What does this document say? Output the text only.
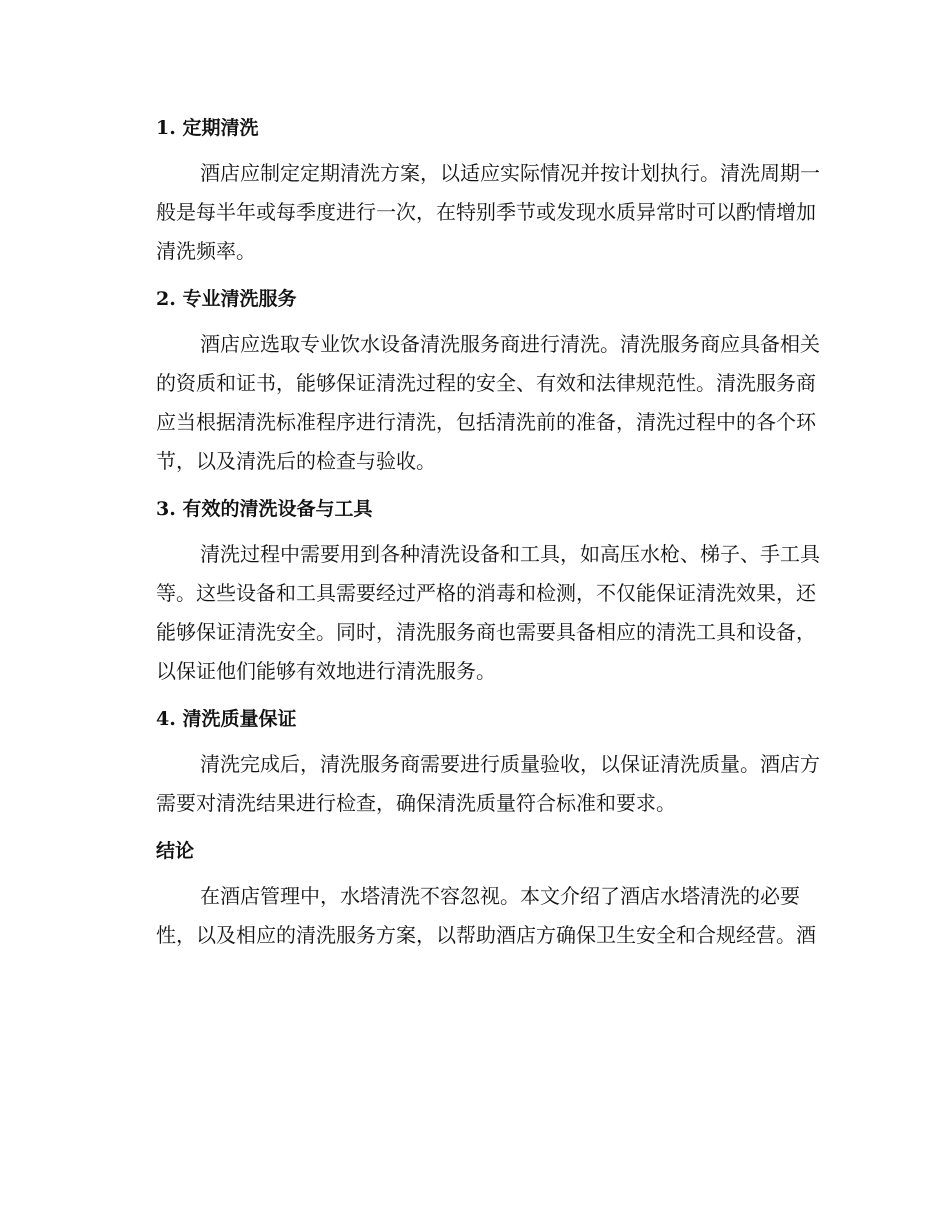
1. 定期清洗

酒店应制定定期清洗方案，以适应实际情况并按计划执行。清洗周期一
般是每半年或每季度进行一次，在特别季节或发现水质异常时可以酌情增加
清洗频率。

2. 专业清洗服务

酒店应选取专业饮水设备清洗服务商进行清洗。清洗服务商应具备相关
的资质和证书，能够保证清洗过程的安全、有效和法律规范性。清洗服务商
应当根据清洗标准程序进行清洗，包括清洗前的准备，清洗过程中的各个环
节，以及清洗后的检查与验收。

3. 有效的清洗设备与工具

清洗过程中需要用到各种清洗设备和工具，如高压水枪、梯子、手工具
等。这些设备和工具需要经过严格的消毒和检测，不仅能保证清洗效果，还
能够保证清洗安全。同时，清洗服务商也需要具备相应的清洗工具和设备，
以保证他们能够有效地进行清洗服务。

4. 清洗质量保证

清洗完成后，清洗服务商需要进行质量验收，以保证清洗质量。酒店方
需要对清洗结果进行检查，确保清洗质量符合标准和要求。

结论

在酒店管理中，水塔清洗不容忽视。本文介绍了酒店水塔清洗的必要
性，以及相应的清洗服务方案，以帮助酒店方确保卫生安全和合规经营。酒
